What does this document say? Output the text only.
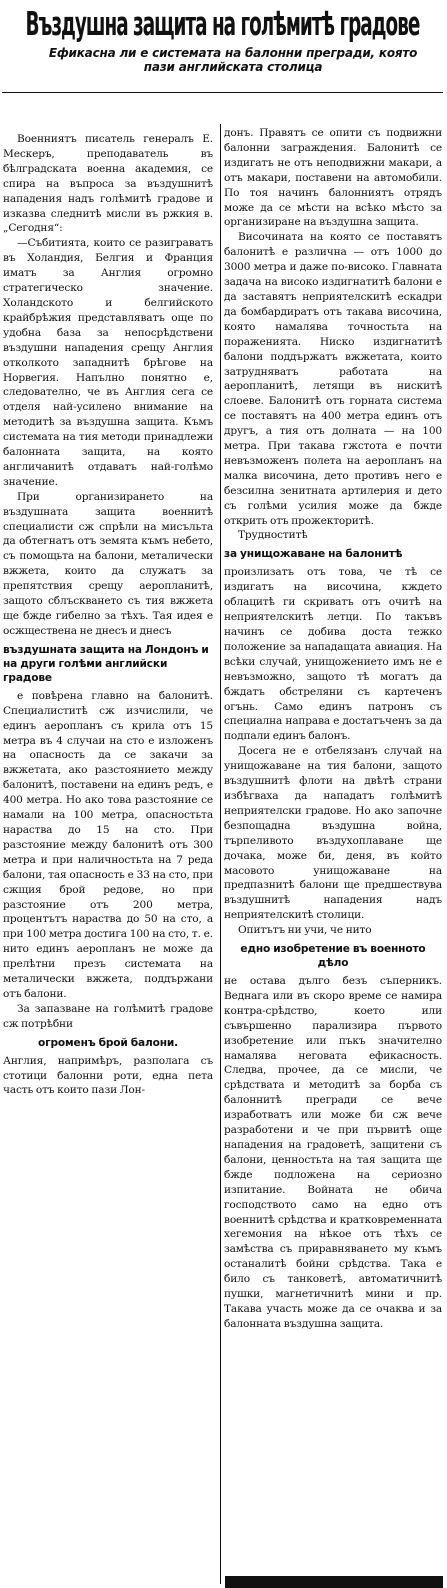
Въздушна защита на голѣмитѣ градове
Ефикасна ли е системата на балонни прегради, която пази английската столица

Военниятъ писатель генералъ Е. Мескеръ, преподаватель въ бѣлградската военна академия, се спира на въпроса за въздушнитѣ нападения надъ голѣмитѣ градове и изказва следнитѣ мисли въ ржкия в. „Сегодня“:

—Събитията, които се разиграватъ въ Холандия, Белгия и Франция иматъ за Англия огромно стратегическо значение. Холандското и белгийското крайбрѣжия представляватъ още по удобна база за непосрѣдствени въздушни нападения срещу Англия отколкото западнитѣ брѣгове на Норвегия. Напълно понятно е, следователно, че въ Англия сега се отделя най-усилено внимание на методитѣ за въздушна защита. Къмъ системата на тия методи принадлежи балонната защита, на която англичанитѣ отдаватъ най-голѣмо значение.

При организирането на въздушната защита военнитѣ специалисти сж спрѣли на мисъльта да обтегнатъ отъ земята къмъ небето, съ помощьта на балони, металически вжжета, които да служатъ за препятствия срещу аеропланитѣ, защото сблъскването съ тия вжжета ще бжде гибелно за тѣхъ. Тая идея е осжществена не днесъ и днесъ

въздушната защита на Лондонъ и на други голѣми английски градове

е повѣрена главно на балонитѣ. Специалиститѣ сж изчислили, че единъ аеропланъ съ крила отъ 15 метра въ 4 случаи на сто е изложенъ на опасность да се закачи за вжжетата, ако разстоянието между балонитѣ, поставени на единъ редъ, е 400 метра. Но ако това разстояние се намали на 100 метра, опасностьта нараства до 15 на сто. При разстояние между балонитѣ отъ 300 метра и при наличностьта на 7 реда балони, тая опасность е 33 на сто, при сжщия брой редове, но при разстояние отъ 200 метра, процентътъ нараства до 50 на сто, а при 100 метра достига 100 на сто, т. е. нито единъ аеропланъ не може да прелѣтни презъ системата на металически вжжета, поддържани отъ балони.

За запазване на голѣмитѣ градове сж потрѣбни

огроменъ брой балони.

Англия, напримѣръ, разполага съ стотици балонни роти, една пета часть отъ които пази Лон-

донъ. Правятъ се опити съ подвижни балонни заграждения. Балонитѣ се издигатъ не отъ неподвижни макари, а отъ макари, поставени на автомобили. По тоя начинъ балонниятъ отрядъ може да се мѣсти на всѣко мѣсто за организиране на въздушна защита.

Височината на която се поставятъ балонитѣ е различна — отъ 1000 до 3000 метра и даже по-високо. Главната задача на високо издигнатитѣ балони е да заставятъ неприятелскитѣ ескадри да бомбардиратъ отъ такава височина, която намалява точностьта на пораженията. Ниско издигнатитѣ балони поддържатъ вжжетата, които затрудняватъ работата на аеропланитѣ, летящи въ нискитѣ слоеве. Балонитѣ отъ горната система се поставятъ на 400 метра единъ отъ другъ, а тия отъ долната — на 100 метра. При такава гжстота е почти невъзможенъ полета на аеропланъ на малка височина, дето противъ него е безсилна зенитната артилерия и дето съ голѣми усилия може да бжде открить отъ прожекторитѣ.

Трудноститѣ

за унищожаване на балонитѣ

произлизатъ отъ това, че тѣ се издигатъ на височина, кждето облацитѣ ги скриватъ отъ очитѣ на неприятелскитѣ летци. По такъвъ начинъ се добива доста тежко положение за нападащата авиация. На всѣки случай, унищожението имъ не е невъзможно, защото тѣ могатъ да бждатъ обстреляни съ картеченъ огънь. Само единъ патронъ съ специална направа е достатъченъ за да подпали единъ балонъ.

Досега не е отбелязанъ случай на унищожаване на тия балони, защото въздушнитѣ флоти на двѣтѣ страни избѣгваха да нападатъ голѣмитѣ неприятелски градове. Но ако започне безпощадна въздушна война, търпеливото въздухоплаване ще дочака, може би, деня, въ който масовото унищожаване на предпазнитѣ балони ще предшествува въздушнитѣ нападения надъ неприятелскитѣ столици.

Опитътъ ни учи, че нито

едно изобретение въ военното дѣло

не остава дълго безъ съперникъ. Веднага или въ скоро време се намира контра-срѣдство, което или съвършенно парализира първото изобретение или пъкъ значително намалява неговата ефикасность. Следва, прочее, да се мисли, че срѣдствата и методитѣ за борба съ балоннитѣ прегради се вече изработватъ или може би сж вече разработени и че при първитѣ още нападения на градоветѣ, защитени съ балони, ценностьта на тая защита ще бжде подложена на сериозно изпитание. Войната не обича господството само на едно отъ военнитѣ срѣдства и кратковременната хегемония на нѣкое отъ тѣхъ се замѣства съ приравняването му къмъ останалитѣ бойни срѣдства. Така е било съ танковетѣ, автоматичнитѣ пушки, магнетичнитѣ мини и пр. Такава участь може да се очаква и за балонната въздушна защита.
